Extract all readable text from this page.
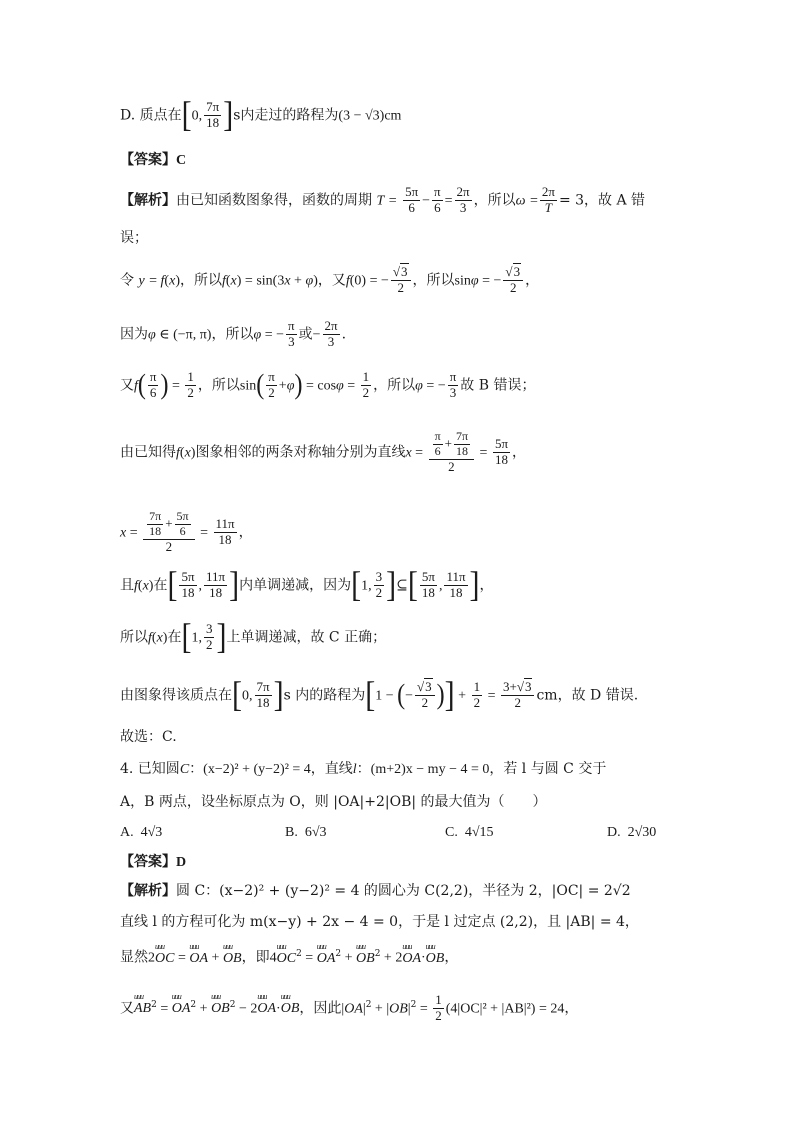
D. 质点在[0, $\frac{7\pi}{18} ]s$内走过的路程为(3 − √3)cm
【答案】C
【解析】由已知函数图象得，函数的周期 $T = \frac{5\pi}{6} - \frac{\pi}{6} = \frac{2\pi}{3}$ ，所以$\omega = \frac{2\pi}{T} = 3$，故 A 错
误；
令 y = f(x)，所以f(x) = sin(3x + φ)，又f(0) = − $\frac{√3}{2}$ ，所以sinφ = − $\frac{√3}{2}$ ，
因为φ ∈ (−π, π)，所以φ = − $\frac{\pi}{3}$ 或− $\frac{2\pi}{3}$ .
又$f( \frac{\pi}{6}$ ) = $\frac{1}{2}$ ，所以$\sin( \frac{\pi}{2} +\varphi) = \cos\varphi = \frac{1}{2}$ ，所以φ = − $\frac{\pi}{3}$ 故 B 错误；
由已知得f(x)图象相邻的两条对称轴分别为直线$x = \frac{\frac{\pi}{6} + \frac{7\pi}{18}}{2} = \frac{5\pi}{18}$ ，
$x = \frac{\frac{7\pi}{18} + \frac{5\pi}{6}}{2} = \frac{11\pi}{18}$ ，
且f(x)在[ $\frac{5\pi}{18}$ , $\frac{11\pi}{18}$ ]内单调递减，因为[1, $\frac{3}{2}$ ]⊆[ $\frac{5\pi}{18}$ , $\frac{11\pi}{18}$ ]，
所以f(x)在[1, $\frac{3}{2}$ ]上单调递减，故 C 正确；
由图象得该质点在[0, $\frac{7\pi}{18} ]s$ 内的路程为[1 − (− $\frac{√3}{2}$ )] + $\frac{1}{2} = \frac{3+√3}{2}$ cm，故 D 错误.
故选：C.
4. 已知圆C：(x−2)² + (y−2)² = 4，直线l：(m+2)x − my − 4 = 0，若 l 与圆 C 交于
A，B 两点，设坐标原点为 O，则 |OA|+2|OB| 的最大值为（　　）
A. 4√3	B. 6√3	C. 4√15	D. 2√30
【答案】D
【解析】圆 C：(x−2)² + (y−2)² = 4 的圆心为 C(2,2)，半径为 2，|OC| = 2√2
直线 l 的方程可化为 m(x−y) + 2x − 4 = 0，于是 l 过定点 (2,2)，且 |AB| = 4，
显然2uuu OC = uuu OA + uuu OB，即4uuu $OC^2$ = uuu $OA^2$ + uuu $OB^2 + 2uuu$ OA·uuu OB，
又uuu $AB^2$ = uuu $OA^2$ + uuu $OB^2 - 2uuu$ OA·uuu OB，因此$|OA|^2 + |OB|^2 = \frac{1}{2} (4|OC|^2 + |AB|^2) = 24$，
